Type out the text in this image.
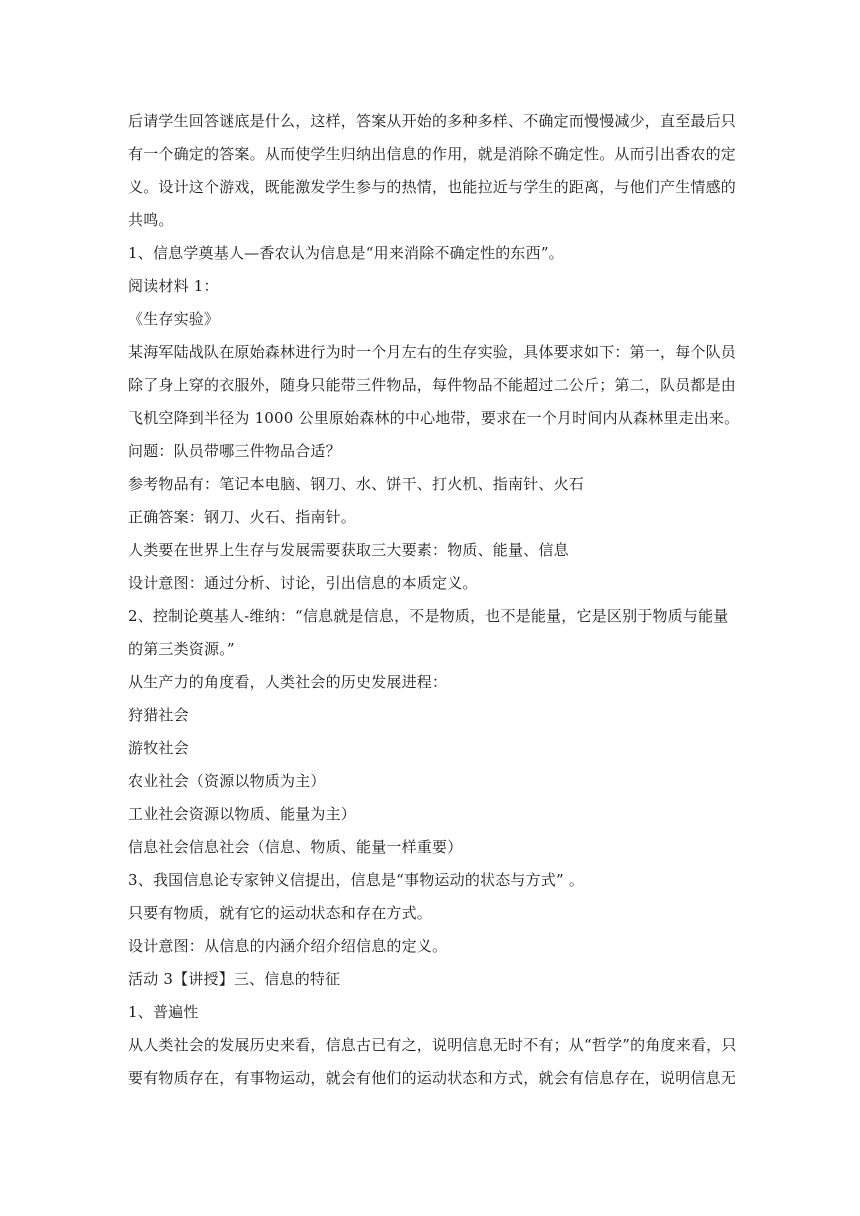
后请学生回答谜底是什么，这样，答案从开始的多种多样、不确定而慢慢减少，直至最后只
有一个确定的答案。从而使学生归纳出信息的作用，就是消除不确定性。从而引出香农的定
义。设计这个游戏，既能激发学生参与的热情，也能拉近与学生的距离，与他们产生情感的
共鸣。

1、信息学奠基人—香农认为信息是“用来消除不确定性的东西”。

阅读材料 1：

《生存实验》

某海军陆战队在原始森林进行为时一个月左右的生存实验，具体要求如下：第一，每个队员
除了身上穿的衣服外，随身只能带三件物品，每件物品不能超过二公斤；第二，队员都是由
飞机空降到半径为 1000 公里原始森林的中心地带，要求在一个月时间内从森林里走出来。

问题：队员带哪三件物品合适？

参考物品有：笔记本电脑、钢刀、水、饼干、打火机、指南针、火石

正确答案：钢刀、火石、指南针。

人类要在世界上生存与发展需要获取三大要素：物质、能量、信息

设计意图：通过分析、讨论，引出信息的本质定义。

2、控制论奠基人-维纳：“信息就是信息，不是物质，也不是能量，它是区别于物质与能量
的第三类资源。”

从生产力的角度看，人类社会的历史发展进程：

狩猎社会

游牧社会

农业社会（资源以物质为主）

工业社会资源以物质、能量为主）

信息社会信息社会（信息、物质、能量一样重要）

3、我国信息论专家钟义信提出，信息是“事物运动的状态与方式” 。

只要有物质，就有它的运动状态和存在方式。

设计意图：从信息的内涵介绍介绍信息的定义。

活动 3【讲授】三、信息的特征

1、普遍性

从人类社会的发展历史来看，信息古已有之，说明信息无时不有；从“哲学”的角度来看，只
要有物质存在，有事物运动，就会有他们的运动状态和方式，就会有信息存在，说明信息无
